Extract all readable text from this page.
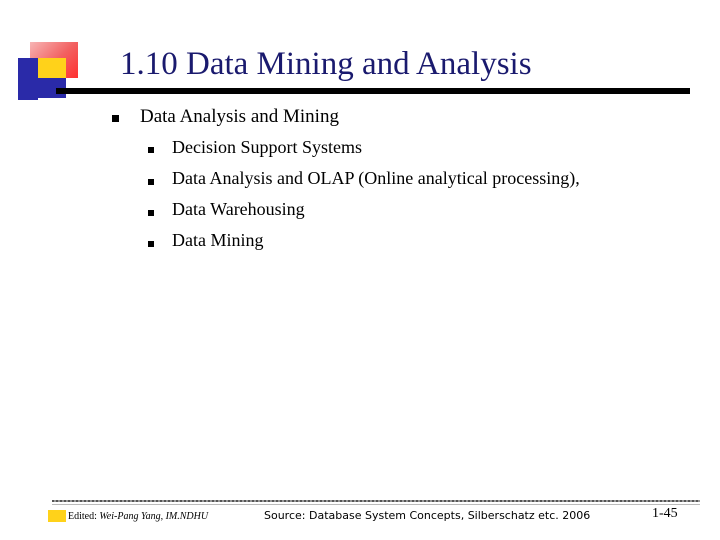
1.10 Data Mining and Analysis
Data Analysis and Mining
Decision Support Systems
Data Analysis and OLAP (Online analytical processing),
Data Warehousing
Data Mining
Edited: Wei-Pang Yang, IM.NDHU	Source: Database System Concepts, Silberschatz etc. 2006	1-45
